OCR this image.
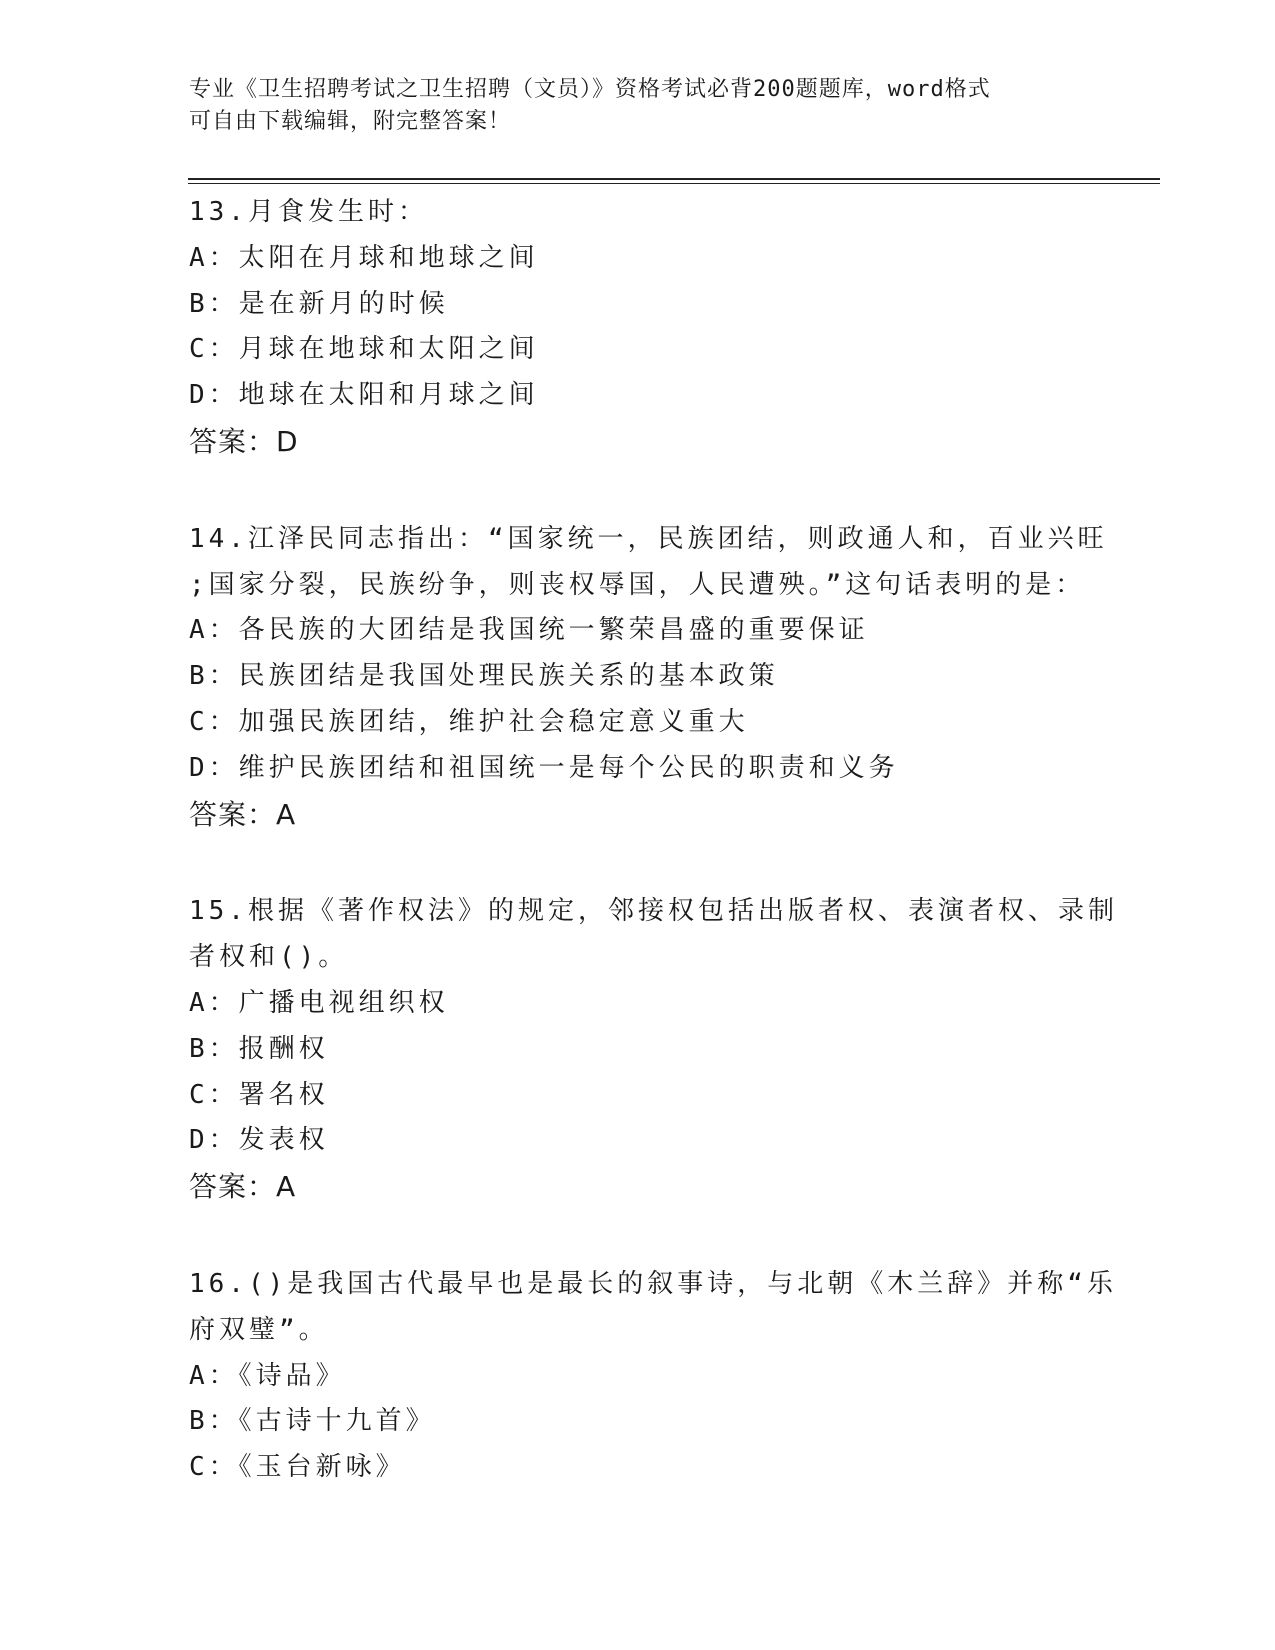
专业《卫生招聘考试之卫生招聘（文员）》资格考试必背200题题库，word格式
可自由下载编辑，附完整答案！
13.月食发生时：
A：太阳在月球和地球之间
B：是在新月的时候
C：月球在地球和太阳之间
D：地球在太阳和月球之间
答案：D
14.江泽民同志指出：“国家统一，民族团结，则政通人和，百业兴旺
;国家分裂，民族纷争，则丧权辱国，人民遭殃。”这句话表明的是：
A：各民族的大团结是我国统一繁荣昌盛的重要保证
B：民族团结是我国处理民族关系的基本政策
C：加强民族团结，维护社会稳定意义重大
D：维护民族团结和祖国统一是每个公民的职责和义务
答案：A
15.根据《著作权法》的规定，邻接权包括出版者权、表演者权、录制
者权和()。
A：广播电视组织权
B：报酬权
C：署名权
D：发表权
答案：A
16.()是我国古代最早也是最长的叙事诗，与北朝《木兰辞》并称“乐
府双璧”。
A：《诗品》
B：《古诗十九首》
C：《玉台新咏》
